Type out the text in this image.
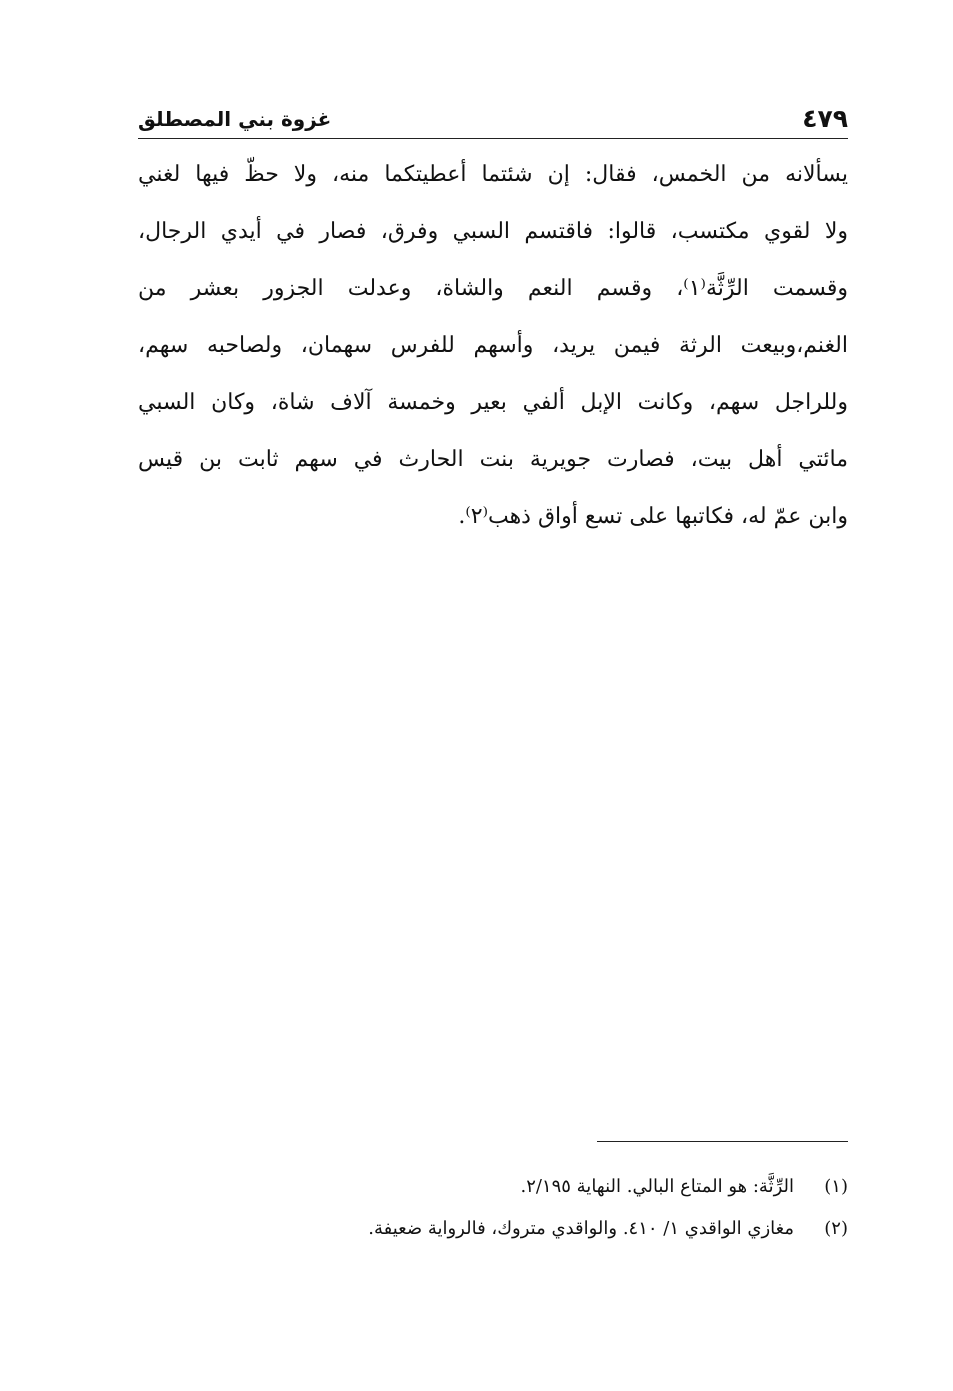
٤٧٩
غزوة بني المصطلق
يسألانه من الخمس، فقال: إن شئتما أعطيتكما منه، ولا حظّ فيها لغني
ولا لقوي مكتسب، قالوا: فاقتسم السبي وفرق، فصار في أيدي الرجال،
وقسمت الرِّثَّة⁽١⁾، وقسم النعم والشاة، وعدلت الجزور بعشر من
الغنم،وبيعت الرثة فيمن يريد، وأسهم للفرس سهمان، ولصاحبه سهم،
وللراجل سهم، وكانت الإبل ألفي بعير وخمسة آلاف شاة، وكان السبي
مائتي أهل بيت، فصارت جويرية بنت الحارث في سهم ثابت بن قيس
وابن عمّ له، فكاتبها على تسع أواق ذهب⁽٢⁾.
(١)الرِّثَّة: هو المتاع البالي. النهاية ٢/١٩٥.
(٢)مغازي الواقدي ١/ ٤١٠. والواقدي متروك، فالرواية ضعيفة.
